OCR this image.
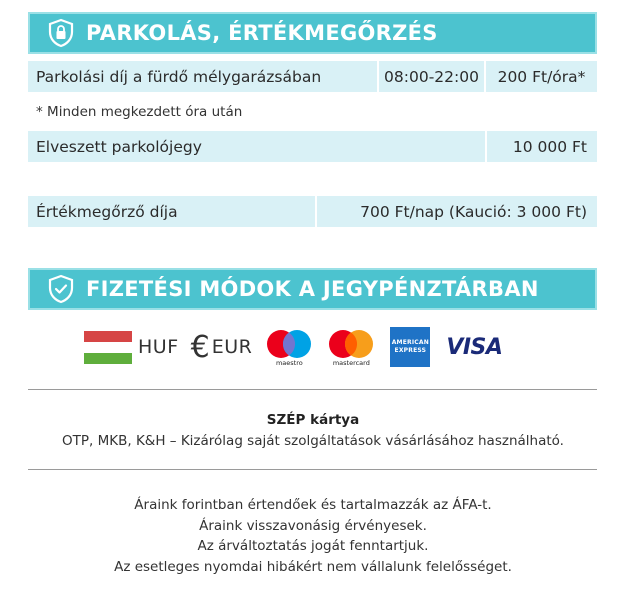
PARKOLÁS, ÉRTÉKMEGŐRZÉS
Parkolási díj a fürdő mélygarázsában	08:00-22:00	200 Ft/óra*
* Minden megkezdett óra után
Elveszett parkolójegy	10 000 Ft
Értékmegőrző díja	700 Ft/nap (Kaució: 3 000 Ft)
FIZETÉSI MÓDOK A JEGYPÉNZTÁRBAN
HUF € EUR
maestro	mastercard
AMERICAN
EXPRESS VISA
SZÉP kártya
OTP, MKB, K&H – Kizárólag saját szolgáltatások vásárlásához használható.
Áraink forintban értendőek és tartalmazzák az ÁFA-t.
Áraink visszavonásig érvényesek.
Az árváltoztatás jogát fenntartjuk.
Az esetleges nyomdai hibákért nem vállalunk felelősséget.
